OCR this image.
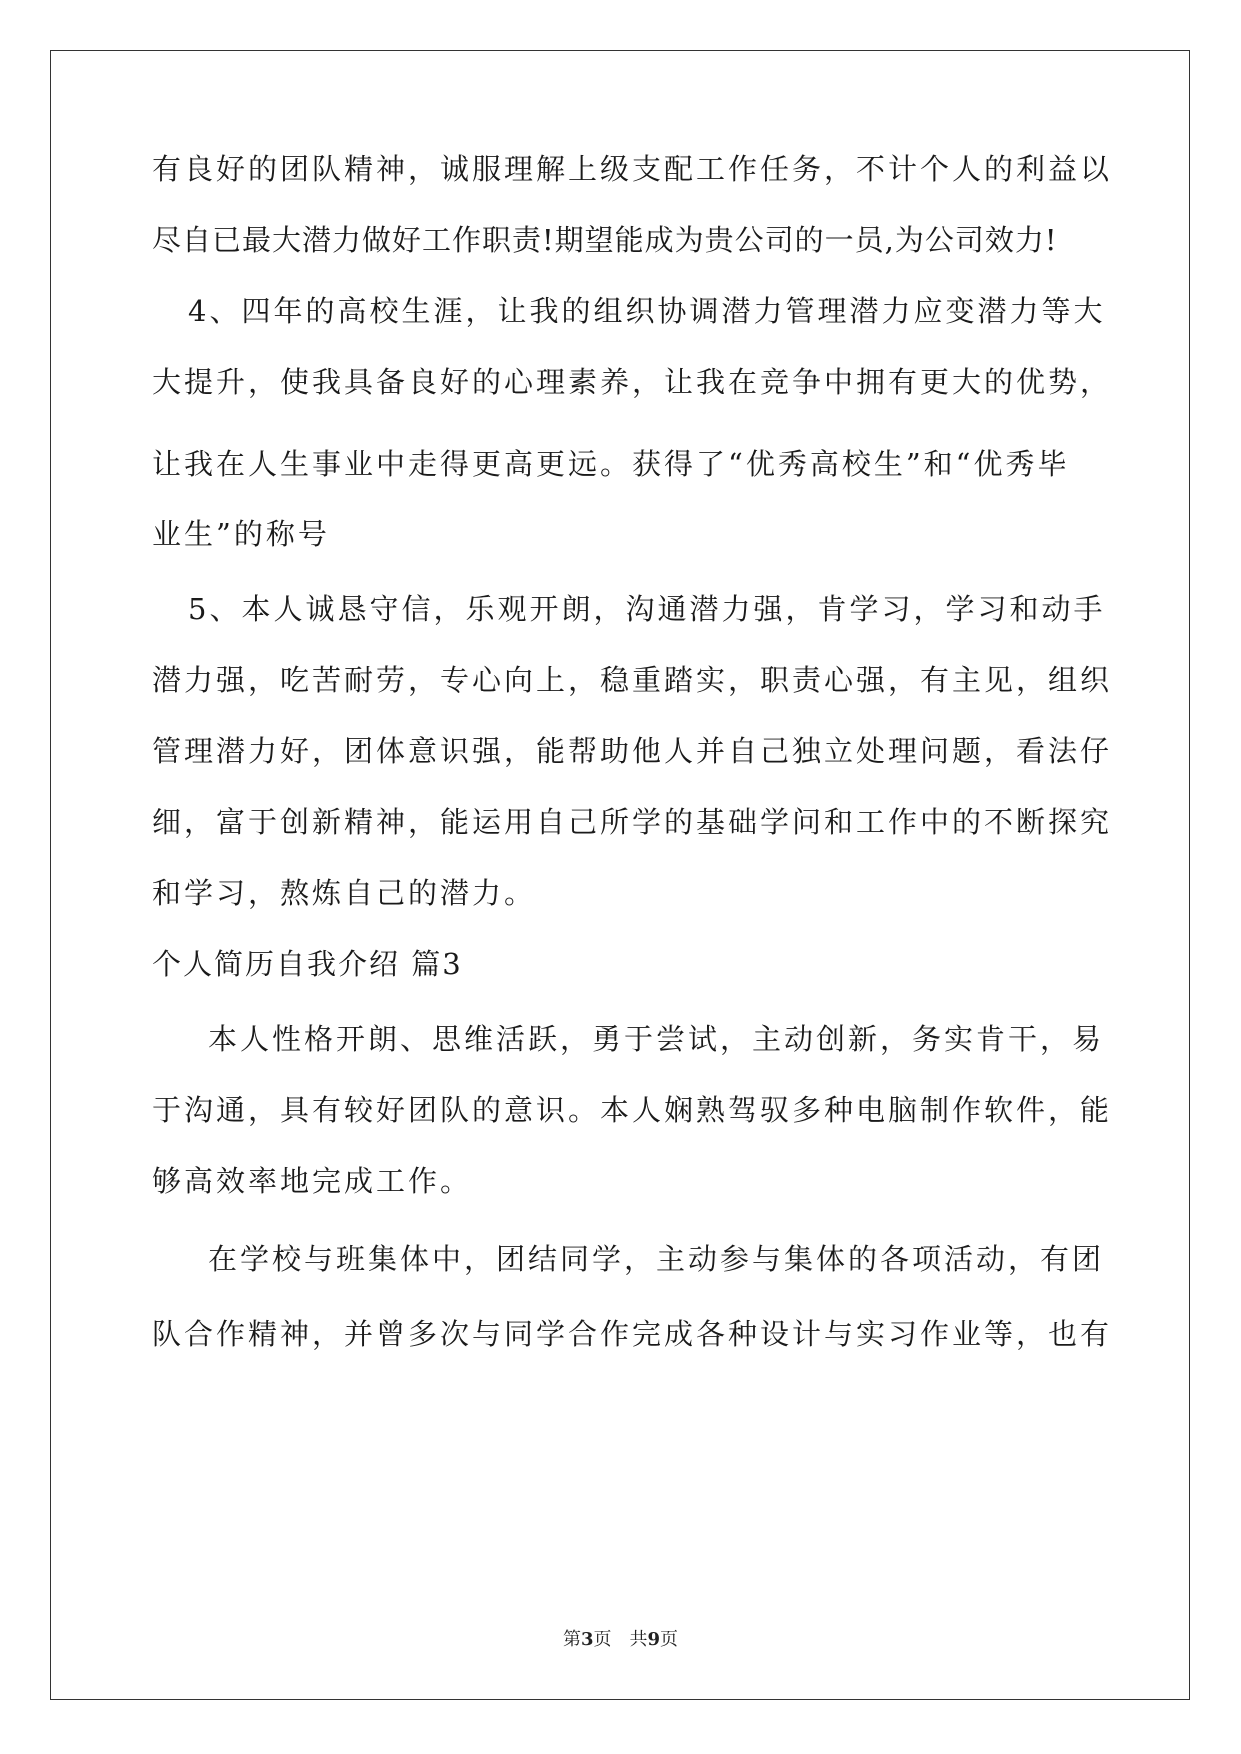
有良好的团队精神，诚服理解上级支配工作任务，不计个人的利益以
尽自已最大潜力做好工作职责!期望能成为贵公司的一员,为公司效力!
4、四年的高校生涯，让我的组织协调潜力管理潜力应变潜力等大
大提升，使我具备良好的心理素养，让我在竞争中拥有更大的优势，
让我在人生事业中走得更高更远。获得了“优秀高校生”和“优秀毕
业生”的称号
5、本人诚恳守信，乐观开朗，沟通潜力强，肯学习，学习和动手
潜力强，吃苦耐劳，专心向上，稳重踏实，职责心强，有主见，组织
管理潜力好，团体意识强，能帮助他人并自己独立处理问题，看法仔
细，富于创新精神，能运用自己所学的基础学问和工作中的不断探究
和学习，熬炼自己的潜力。
个人简历自我介绍 篇3
本人性格开朗、思维活跃，勇于尝试，主动创新，务实肯干，易
于沟通，具有较好团队的意识。本人娴熟驾驭多种电脑制作软件，能
够高效率地完成工作。
在学校与班集体中，团结同学，主动参与集体的各项活动，有团
队合作精神，并曾多次与同学合作完成各种设计与实习作业等，也有
第3页　共9页
